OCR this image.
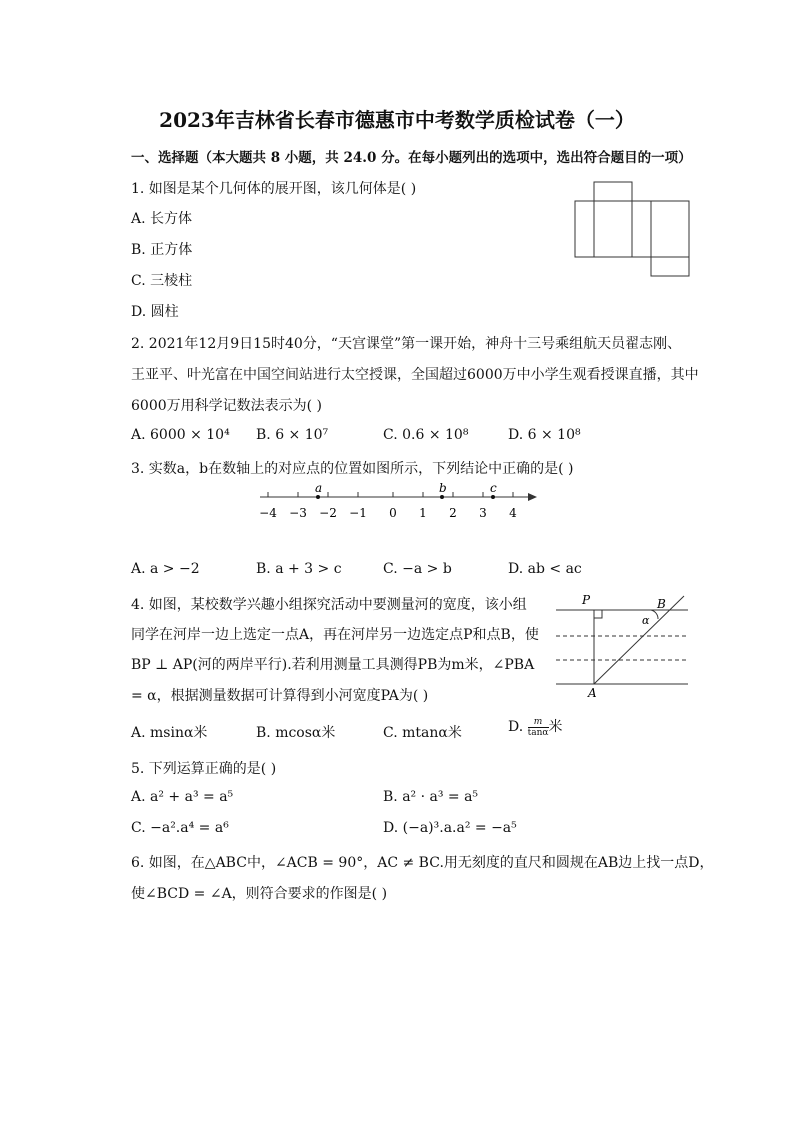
2023年吉林省长春市德惠市中考数学质检试卷（一）
一、选择题（本大题共 8 小题，共 24.0 分。在每小题列出的选项中，选出符合题目的一项）
1. 如图是某个几何体的展开图，该几何体是( )
A. 长方体
B. 正方体
C. 三棱柱
D. 圆柱
2. 2021年12月9日15时40分，“天宫课堂”第一课开始，神舟十三号乘组航天员翟志刚、
王亚平、叶光富在中国空间站进行太空授课，全国超过6000万中小学生观看授课直播，其中
6000万用科学记数法表示为( )
A. 6000 × 10⁴ B. 6 × 10⁷	C. 0.6 × 10⁸	D. 6 × 10⁸
3. 实数a，b在数轴上的对应点的位置如图所示，下列结论中正确的是( )
a	b	c
−4 −3 −2 −1 0 1 2 3 4
A. a > −2	B. a + 3 > c	C. −a > b	D. ab < ac
4. 如图，某校数学兴趣小组探究活动中要测量河的宽度，该小组
同学在河岸一边上选定一点A，再在河岸另一边选定点P和点B，使
BP ⊥ AP(河的两岸平行).若利用测量工具测得PB为m米，∠PBA
= α，根据测量数据可计算得到小河宽度PA为( )
P	B
α
A
A. msinα米	B. mcosα米	C. mtanα米	D. $\frac{m}{\tan\alpha}$ 米
5. 下列运算正确的是( )
A. a² + a³ = a⁵	B. a² · a³ = a⁵
C. −a².a⁴ = a⁶	D. (−a)³.a.a² = −a⁵
6. 如图，在△ABC中，∠ACB = 90°，AC ≠ BC.用无刻度的直尺和圆规在AB边上找一点D，
使∠BCD = ∠A，则符合要求的作图是( )
